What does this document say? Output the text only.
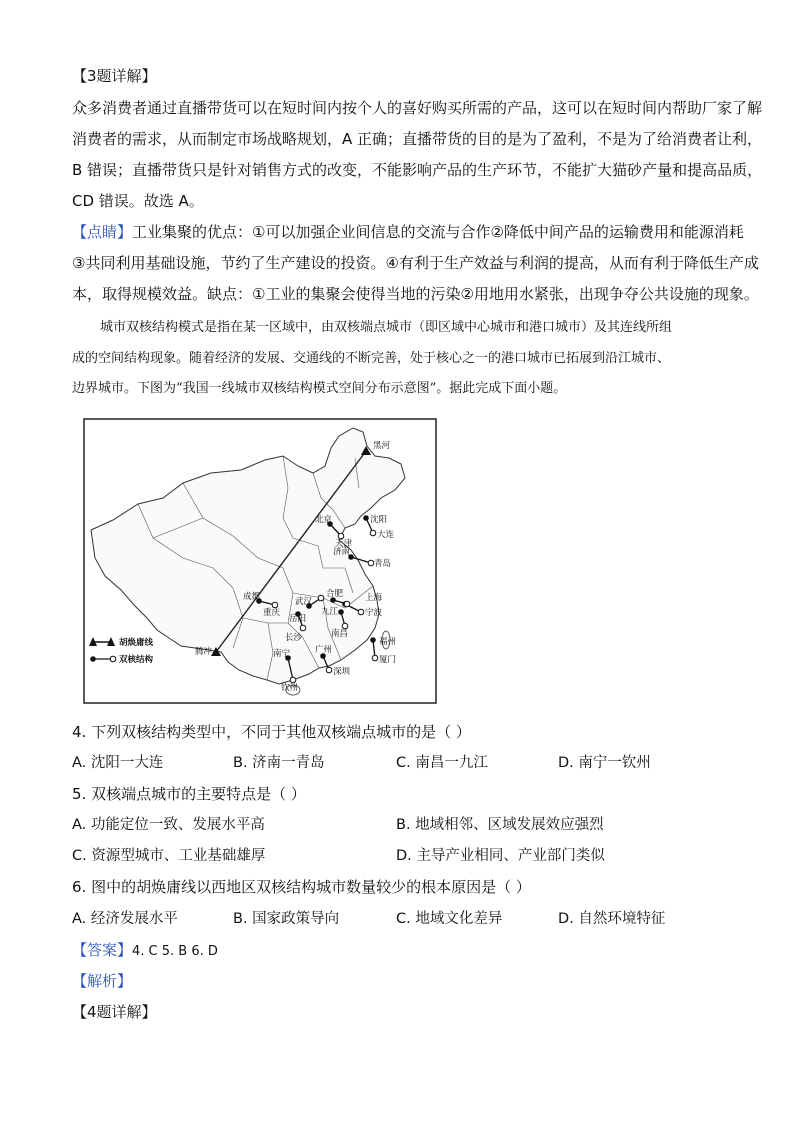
【3题详解】
众多消费者通过直播带货可以在短时间内按个人的喜好购买所需的产品，这可以在短时间内帮助厂家了解
消费者的需求，从而制定市场战略规划，A 正确；直播带货的目的是为了盈利，不是为了给消费者让利，
B 错误；直播带货只是针对销售方式的改变，不能影响产品的生产环节，不能扩大猫砂产量和提高品质，
CD 错误。故选 A。
【点睛】工业集聚的优点：①可以加强企业间信息的交流与合作②降低中间产品的运输费用和能源消耗
③共同利用基础设施，节约了生产建设的投资。④有利于生产效益与利润的提高，从而有利于降低生产成
本，取得规模效益。缺点：①工业的集聚会使得当地的污染②用地用水紧张，出现争夺公共设施的现象。
城市双核结构模式是指在某一区域中，由双核端点城市（即区域中心城市和港口城市）及其连线所组
成的空间结构现象。随着经济的发展、交通线的不断完善，处于核心之一的港口城市已拓展到沿江城市、
边界城市。下图为“我国一线城市双核结构模式空间分布示意图”。据此完成下面小题。
黑河
腾冲
北京
天津
沈阳
大连
济南
青岛
成都
重庆
合肥	上海
宁波
武汉
九江
南昌
长沙
岳阳
福州
厦门
南宁
钦州
广州
深圳
胡焕庸线
双核结构
4. 下列双核结构类型中，不同于其他双核端点城市的是（ ）
A. 沈阳一大连	B. 济南一青岛	C. 南昌一九江	D. 南宁一钦州
5. 双核端点城市的主要特点是（ ）
A. 功能定位一致、发展水平高	B. 地域相邻、区域发展效应强烈
C. 资源型城市、工业基础雄厚	D. 主导产业相同、产业部门类似
6. 图中的胡焕庸线以西地区双核结构城市数量较少的根本原因是（ ）
A. 经济发展水平	B. 国家政策导向	C. 地域文化差异	D. 自然环境特征
【答案】4. C 5. B 6. D
【解析】
【4题详解】
